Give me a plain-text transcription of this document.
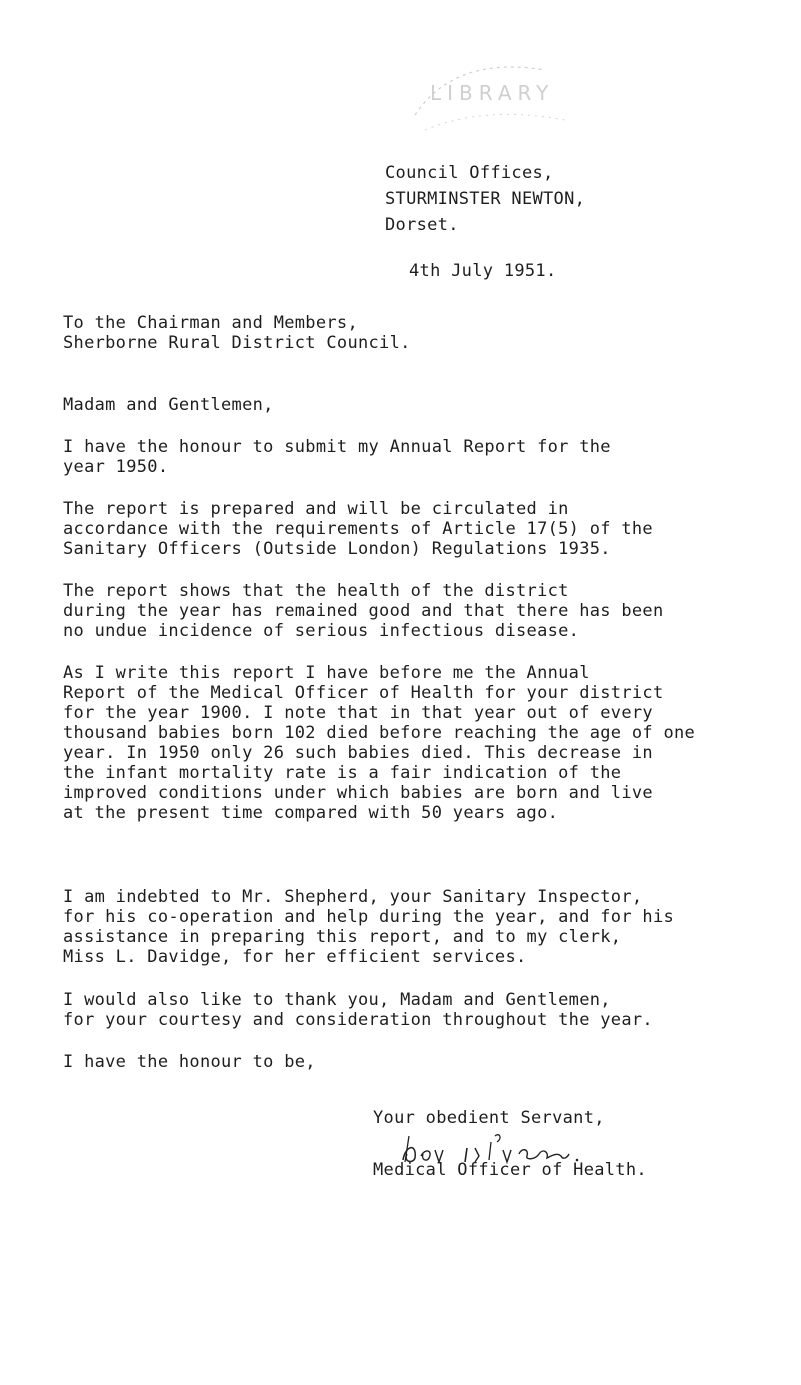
LIBRARY
Council Offices,
STURMINSTER NEWTON,
Dorset.
4th July 1951.
To the Chairman and Members,
Sherborne Rural District Council.
Madam and Gentlemen,
I have the honour to submit my Annual Report for the
year 1950.
The report is prepared and will be circulated in
accordance with the requirements of Article 17(5) of the
Sanitary Officers (Outside London) Regulations 1935.
The report shows that the health of the district
during the year has remained good and that there has been
no undue incidence of serious infectious disease.
As I write this report I have before me the Annual
Report of the Medical Officer of Health for your district
for the year 1900. I note that in that year out of every
thousand babies born 102 died before reaching the age of one
year. In 1950 only 26 such babies died. This decrease in
the infant mortality rate is a fair indication of the
improved conditions under which babies are born and live
at the present time compared with 50 years ago.
I am indebted to Mr. Shepherd, your Sanitary Inspector,
for his co-operation and help during the year, and for his
assistance in preparing this report, and to my clerk,
Miss L. Davidge, for her efficient services.
I would also like to thank you, Madam and Gentlemen,
for your courtesy and consideration throughout the year.
I have the honour to be,
Your obedient Servant,
Medical Officer of Health.
